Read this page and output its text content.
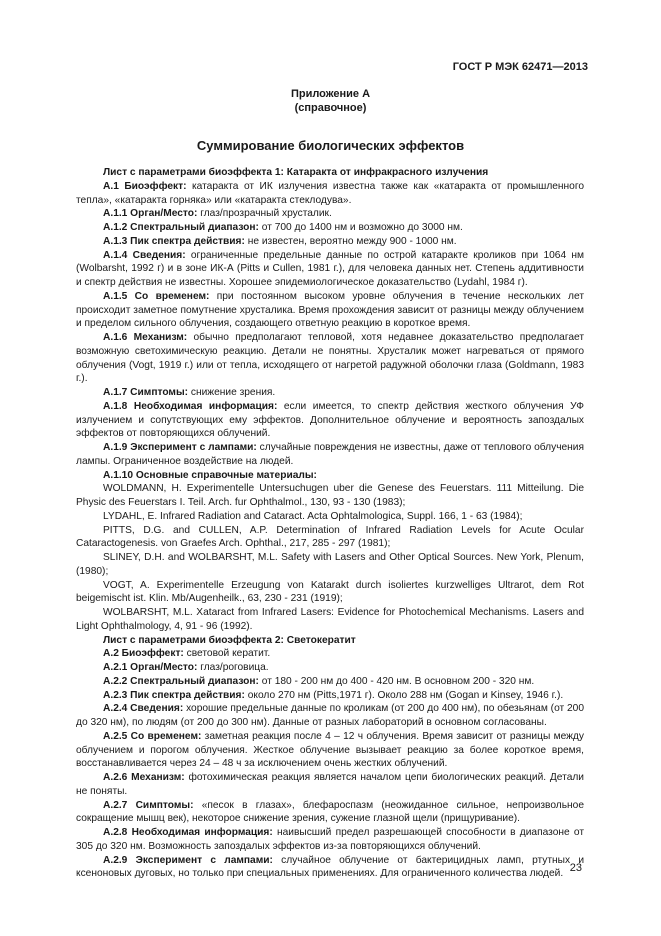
ГОСТ Р МЭК 62471—2013
Приложение А
(справочное)
Суммирование биологических эффектов

Лист с параметрами биоэффекта 1: Катаракта от инфракрасного излучения

А.1 Биоэффект: катаракта от ИК излучения известна также как «катаракта от промышленного тепла», «катаракта горняка» или «катаракта стеклодува».

А.1.1 Орган/Место: глаз/прозрачный хрусталик.

А.1.2 Спектральный диапазон: от 700 до 1400 нм и возможно до 3000 нм.

А.1.3 Пик спектра действия: не известен, вероятно между 900 - 1000 нм.

А.1.4 Сведения: ограниченные предельные данные по острой катаракте кроликов при 1064 нм (Wolbarsht, 1992 г) и в зоне ИК-А (Pitts и Cullen, 1981 г.), для человека данных нет. Степень аддитивности и спектр действия не известны. Хорошее эпидемиологическое доказательство (Lydahl, 1984 г).

А.1.5 Со временем: при постоянном высоком уровне облучения в течение нескольких лет происходит заметное помутнение хрусталика. Время прохождения зависит от разницы между облучением и пределом сильного облучения, создающего ответную реакцию в короткое время.

А.1.6 Механизм: обычно предполагают тепловой, хотя недавнее доказательство предполагает возможную светохимическую реакцию. Детали не понятны. Хрусталик может нагреваться от прямого облучения (Vogt, 1919 г.) или от тепла, исходящего от нагретой радужной оболочки глаза (Goldmann, 1983 г.).

А.1.7 Симптомы: снижение зрения.

А.1.8 Необходимая информация: если имеется, то спектр действия жесткого облучения УФ излучением и сопутствующих ему эффектов. Дополнительное облучение и вероятность запоздалых эффектов от повторяющихся облучений.

А.1.9 Эксперимент с лампами: случайные повреждения не известны, даже от теплового облучения лампы. Ограниченное воздействие на людей.

А.1.10 Основные справочные материалы:

WOLDMANN, H. Experimentelle Untersuchugen uber die Genese des Feuerstars. 111 Mitteilung. Die Physic des Feuerstars I. Teil. Arch. fur Ophthalmol., 130, 93 - 130 (1983);

LYDAHL, E. Infrared Radiation and Cataract. Acta Ophtalmologica, Suppl. 166, 1 - 63 (1984);

PITTS, D.G. and CULLEN, A.P. Determination of Infrared Radiation Levels for Acute Ocular Cataractogenesis. von Graefes Arch. Ophthal., 217, 285 - 297 (1981);

SLINEY, D.H. and WOLBARSHT, M.L. Safety with Lasers and Other Optical Sources. New York, Plenum, (1980);

VOGT, A. Experimentelle Erzeugung von Katarakt durch isoliertes kurzwelliges Ultrarot, dem Rot beigemischt ist. Klin. Mb/Augenheilk., 63, 230 - 231 (1919);

WOLBARSHT, M.L. Xataract from Infrared Lasers: Evidence for Photochemical Mechanisms. Lasers and Light Ophthalmology, 4, 91 - 96 (1992).

Лист с параметрами биоэффекта 2: Светокератит

А.2 Биоэффект: световой кератит.

А.2.1 Орган/Место: глаз/роговица.

А.2.2 Спектральный диапазон: от 180 - 200 нм до 400 - 420 нм. В основном 200 - 320 нм.

А.2.3 Пик спектра действия: около 270 нм (Pitts,1971 г). Около 288 нм (Gogan и Kinsey, 1946 г.).

А.2.4 Сведения: хорошие предельные данные по кроликам (от 200 до 400 нм), по обезьянам (от 200 до 320 нм), по людям (от 200 до 300 нм). Данные от разных лабораторий в основном согласованы.

А.2.5 Со временем: заметная реакция после 4 – 12 ч облучения. Время зависит от разницы между облучением и порогом облучения. Жесткое облучение вызывает реакцию за более короткое время, восстанавливается через 24 – 48 ч за исключением очень жестких облучений.

А.2.6 Механизм: фотохимическая реакция является началом цепи биологических реакций. Детали не поняты.

А.2.7 Симптомы: «песок в глазах», блефароспазм (неожиданное сильное, непроизвольное сокращение мышц век), некоторое снижение зрения, сужение глазной щели (прищуривание).

А.2.8 Необходимая информация: наивысший предел разрешающей способности в диапазоне от 305 до 320 нм. Возможность запоздалых эффектов из-за повторяющихся облучений.

А.2.9 Эксперимент с лампами: случайное облучение от бактерицидных ламп, ртутных и ксеноновых дуговых, но только при специальных применениях. Для ограниченного количества людей. 23
